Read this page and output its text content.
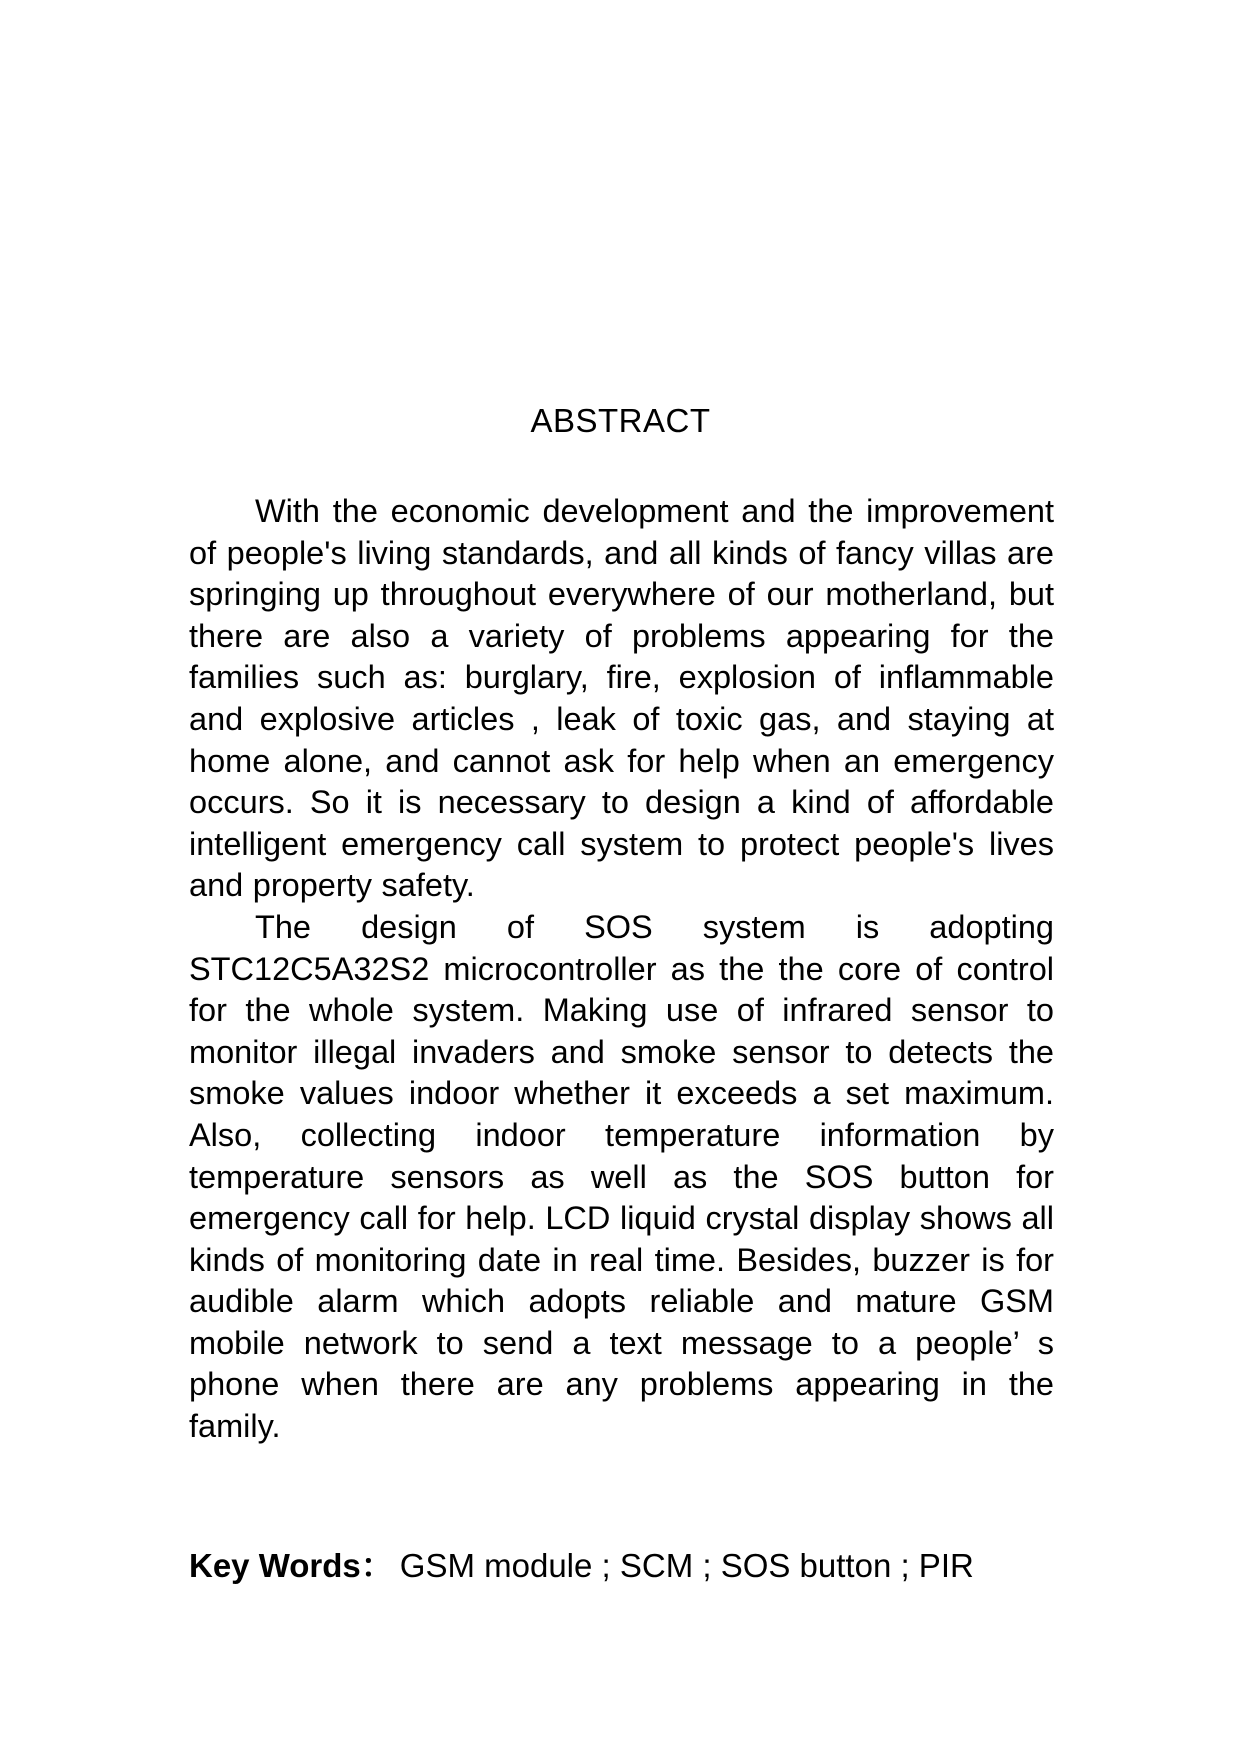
ABSTRACT

With the economic development and the improvement of people's living standards, and all kinds of fancy villas are springing up throughout everywhere of our motherland, but there are also a variety of problems appearing for the families such as: burglary, fire, explosion of inflammable and explosive articles , leak of toxic gas, and staying at home alone, and cannot ask for help when an emergency occurs. So it is necessary to design a kind of affordable intelligent emergency call system to protect people's lives and property safety.

The design of SOS system is adopting STC12C5A32S2 microcontroller as the the core of control for the whole system. Making use of infrared sensor to monitor illegal invaders and smoke sensor to detects the smoke values indoor whether it exceeds a set maximum. Also, collecting indoor temperature information by temperature sensors as well as the SOS button for emergency call for help. LCD liquid crystal display shows all kinds of monitoring date in real time. Besides, buzzer is for audible alarm which adopts reliable and mature GSM mobile network to send a text message to a people’ s phone when there are any problems appearing in the family.

Key Words： GSM module ; SCM ; SOS button ; PIR
